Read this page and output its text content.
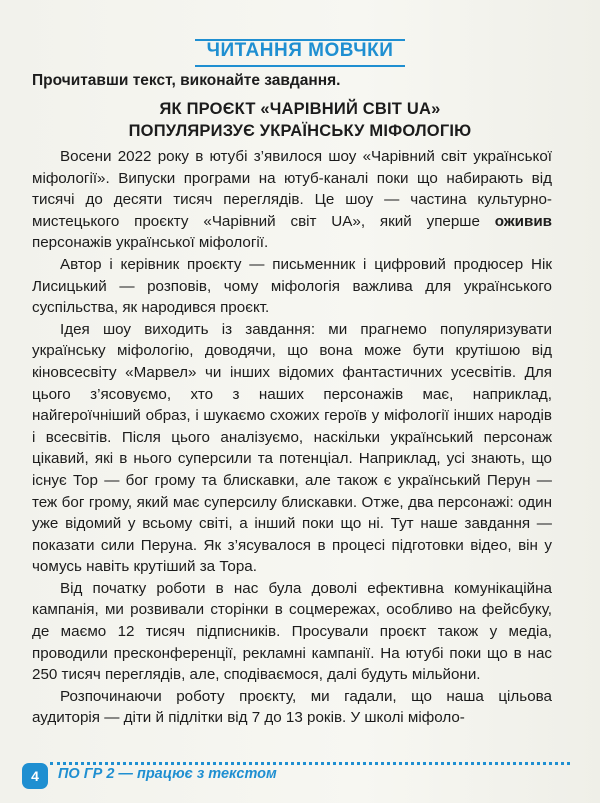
ЧИТАННЯ МОВЧКИ
Прочитавши текст, виконайте завдання.
ЯК ПРОЄКТ «ЧАРІВНИЙ СВІТ UA»
ПОПУЛЯРИЗУЄ УКРАЇНСЬКУ МІФОЛОГІЮ

Восени 2022 року в ютубі з’явилося шоу «Чарівний світ української міфології». Випуски програми на ютуб-каналі поки що набирають від тисячі до десяти тисяч переглядів. Це шоу — частина культурно-мистецького проєкту «Чарівний світ UA», який уперше оживив персонажів української міфології.

Автор і керівник проєкту — письменник і цифровий продюсер Нік Лисицький — розповів, чому міфологія важлива для українського суспільства, як народився проєкт.

Ідея шоу виходить із завдання: ми прагнемо популяризувати українську міфологію, доводячи, що вона може бути крутішою від кіновсесвіту «Марвел» чи інших відомих фантастичних усесвітів. Для цього з’ясовуємо, хто з наших персонажів має, наприклад, найгероїчніший образ, і шукаємо схожих героїв у міфології інших народів і всесвітів. Після цього аналізуємо, наскільки український персонаж цікавий, які в нього суперсили та потенціал. Наприклад, усі знають, що існує Тор — бог грому та блискавки, але також є український Перун — теж бог грому, який має суперсилу блискавки. Отже, два персонажі: один уже відомий у всьому світі, а інший поки що ні. Тут наше завдання — показати сили Перуна. Як з’ясувалося в процесі підготовки відео, він у чомусь навіть крутіший за Тора.

Від початку роботи в нас була доволі ефективна комунікаційна кампанія, ми розвивали сторінки в соцмережах, особливо на фейсбуку, де маємо 12 тисяч підписників. Просували проєкт також у медіа, проводили пресконференції, рекламні кампанії. На ютубі поки що в нас 250 тисяч переглядів, але, сподіваємося, далі будуть мільйони.

Розпочинаючи роботу проєкту, ми гадали, що наша цільова аудиторія — діти й підлітки від 7 до 13 років. У школі міфоло-

4	ПО ГР 2 — працює з текстом
